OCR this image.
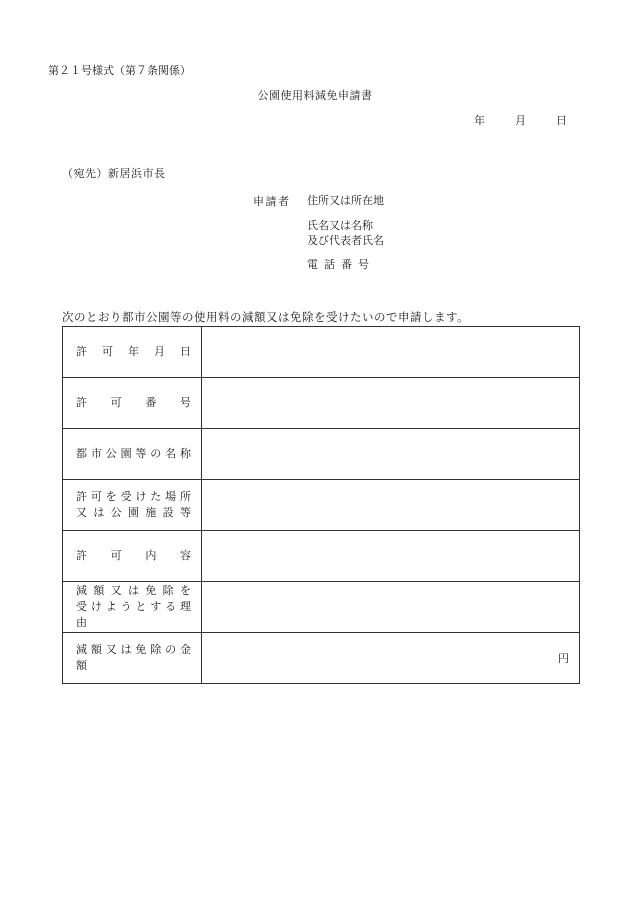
第２１号様式（第７条関係）
公園使用料減免申請書
年	月	日
（宛先）新居浜市長
申請者 住所又は所在地
氏名又は名称
及び代表者氏名
電話番号
次のとおり都市公園等の使用料の減額又は免除を受けたいので申請します。
許 可 年 月 日	

許 可 番 号	

都 市 公 園 等 の 名 称	

許 可 を 受 け た 場 所
又 は 公 園 施 設 等	

許 可 内 容	

減 額 又 は 免 除 を
受 け よ う と す る 理 由	

減 額 又 は 免 除 の 金 額	円
